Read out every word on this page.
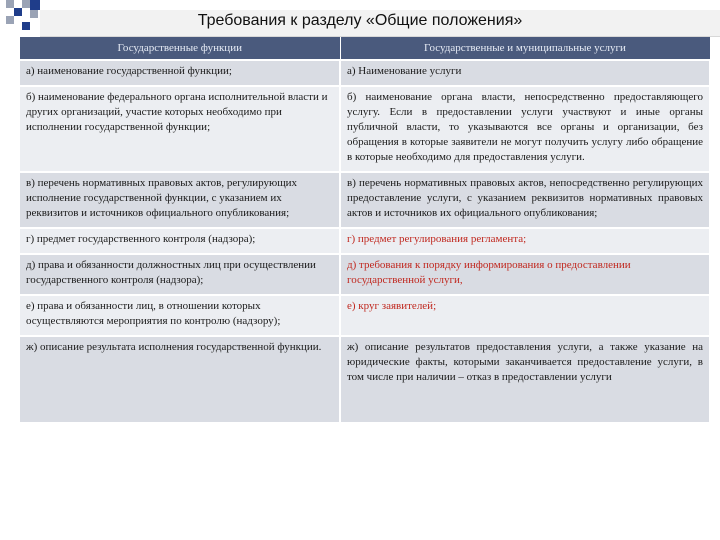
Требования к разделу «Общие положения»
Государственные функции	Государственные и муниципальные услуги
а) наименование государственной функции;	а) Наименование услуги
б) наименование федерального органа исполнительной власти и других организаций, участие которых необходимо при исполнении государственной функции;	б) наименование органа власти, непосредственно предоставляющего услугу. Если в предоставлении услуги участвуют и иные органы публичной власти, то указываются все органы и организации, без обращения в которые заявители не могут получить услугу либо обращение в которые необходимо для предоставления услуги.
в) перечень нормативных правовых актов, регулирующих исполнение государственной функции, с указанием их реквизитов и источников официального опубликования;	в) перечень нормативных правовых актов, непосредственно регулирующих предоставление услуги, с указанием реквизитов нормативных правовых актов и источников их официального опубликования;
г) предмет государственного контроля (надзора);	г) предмет регулирования регламента;
д) права и обязанности должностных лиц при осуществлении государственного контроля (надзора);	д) требования к порядку информирования о предоставлении государственной услуги,
е) права и обязанности лиц, в отношении которых осуществляются мероприятия по контролю (надзору);	е) круг заявителей;
ж) описание результата исполнения государственной функции.	ж) описание результатов предоставления услуги, а также указание на юридические факты, которыми заканчивается предоставление услуги, в том числе при наличии – отказ в предоставлении услуги
